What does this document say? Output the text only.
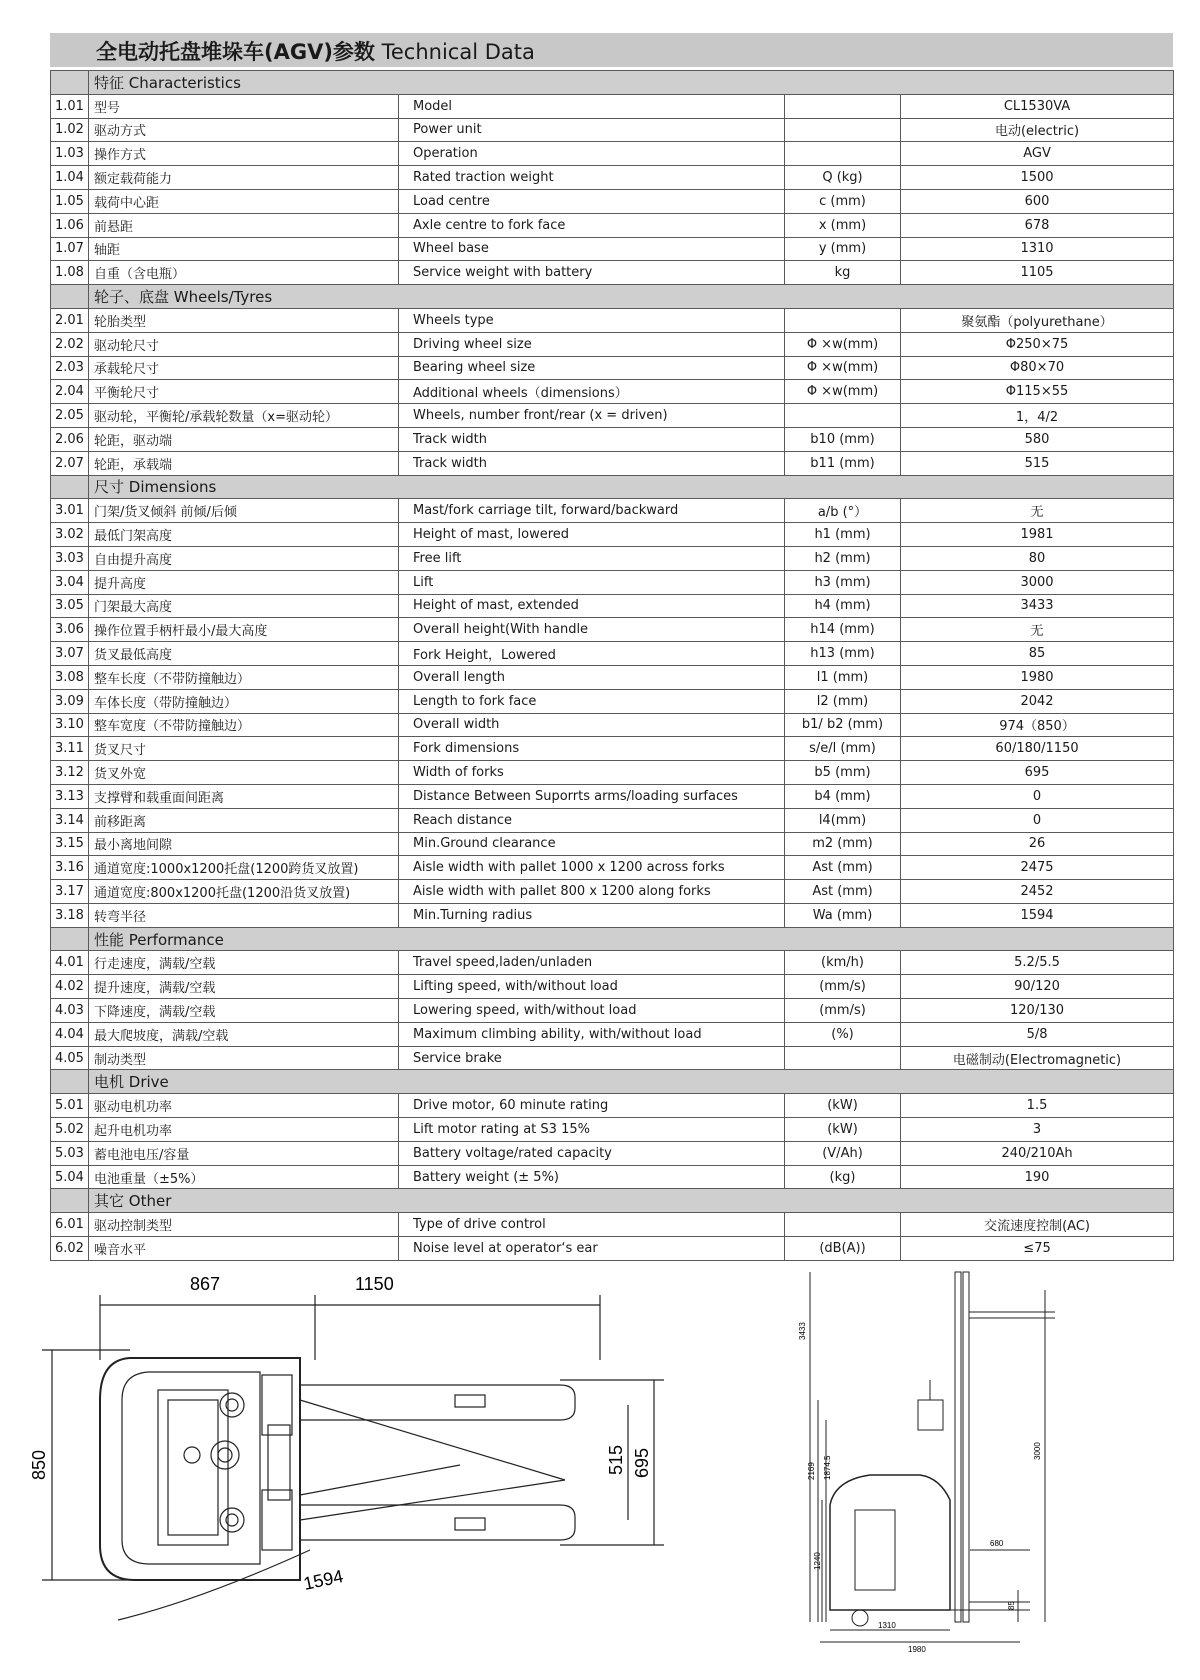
全电动托盘堆垛车(AGV)参数 Technical Data
	特征 Characteristics			
1.01	型号	Model		CL1530VA
1.02	驱动方式	Power unit		电动(electric)
1.03	操作方式	Operation		AGV
1.04	额定载荷能力	Rated traction weight	Q (kg)	1500
1.05	载荷中心距	Load centre	c (mm)	600
1.06	前悬距	Axle centre to fork face	x (mm)	678
1.07	轴距	Wheel base	y (mm)	1310
1.08	自重（含电瓶）	Service weight with battery	kg	1105
	轮子、底盘 Wheels/Tyres			
2.01	轮胎类型	Wheels type		聚氨酯（polyurethane）
2.02	驱动轮尺寸	Driving wheel size	Φ ×w(mm)	Φ250×75
2.03	承载轮尺寸	Bearing wheel size	Φ ×w(mm)	Φ80×70
2.04	平衡轮尺寸	Additional wheels（dimensions）	Φ ×w(mm)	Φ115×55
2.05	驱动轮，平衡轮/承载轮数量（x=驱动轮）	Wheels, number front/rear (x = driven)		1，4/2
2.06	轮距，驱动端	Track width	b10 (mm)	580
2.07	轮距，承载端	Track width	b11 (mm)	515
	尺寸 Dimensions			
3.01	门架/货叉倾斜 前倾/后倾	Mast/fork carriage tilt, forward/backward	a/b (°）	无
3.02	最低门架高度	Height of mast, lowered	h1 (mm)	1981
3.03	自由提升高度	Free lift	h2 (mm)	80
3.04	提升高度	Lift	h3 (mm)	3000
3.05	门架最大高度	Height of mast, extended	h4 (mm)	3433
3.06	操作位置手柄杆最小/最大高度	Overall height(With handle	h14 (mm)	无
3.07	货叉最低高度	Fork Height，Lowered	h13 (mm)	85
3.08	整车长度（不带防撞触边）	Overall length	l1 (mm)	1980
3.09	车体长度（带防撞触边）	Length to fork face	l2 (mm)	2042
3.10	整车宽度（不带防撞触边）	Overall width	b1/ b2 (mm)	974（850）
3.11	货叉尺寸	Fork dimensions	s/e/l (mm)	60/180/1150
3.12	货叉外宽	Width of forks	b5 (mm)	695
3.13	支撑臂和载重面间距离	Distance Between Suporrts arms/loading surfaces	b4 (mm)	0
3.14	前移距离	Reach distance	l4(mm)	0
3.15	最小离地间隙	Min.Ground clearance	m2 (mm)	26
3.16	通道宽度:1000x1200托盘(1200跨货叉放置)	Aisle width with pallet 1000 x 1200 across forks	Ast (mm)	2475
3.17	通道宽度:800x1200托盘(1200沿货叉放置)	Aisle width with pallet 800 x 1200 along forks	Ast (mm)	2452
3.18	转弯半径	Min.Turning radius	Wa (mm)	1594
	性能 Performance			
4.01	行走速度，满载/空载	Travel speed,laden/unladen	(km/h)	5.2/5.5
4.02	提升速度，满载/空载	Lifting speed, with/without load	(mm/s)	90/120
4.03	下降速度，满载/空载	Lowering speed, with/without load	(mm/s)	120/130
4.04	最大爬坡度，满载/空载	Maximum climbing ability, with/without load	(%)	5/8
4.05	制动类型	Service brake		电磁制动(Electromagnetic)
	电机 Drive			
5.01	驱动电机功率	Drive motor, 60 minute rating	(kW)	1.5
5.02	起升电机功率	Lift motor rating at S3 15%	(kW)	3
5.03	蓄电池电压/容量	Battery voltage/rated capacity	(V/Ah)	240/210Ah
5.04	电池重量（±5%）	Battery weight (± 5%)	(kg)	190
	其它 Other			
6.01	驱动控制类型	Type of drive control		交流速度控制(AC)
6.02	噪音水平	Noise level at operator‘s ear	(dB(A))	≤75
867	1150
850	515 695
1594
3433
2169 1874.5
1240
680
85
3000
1310
1980
